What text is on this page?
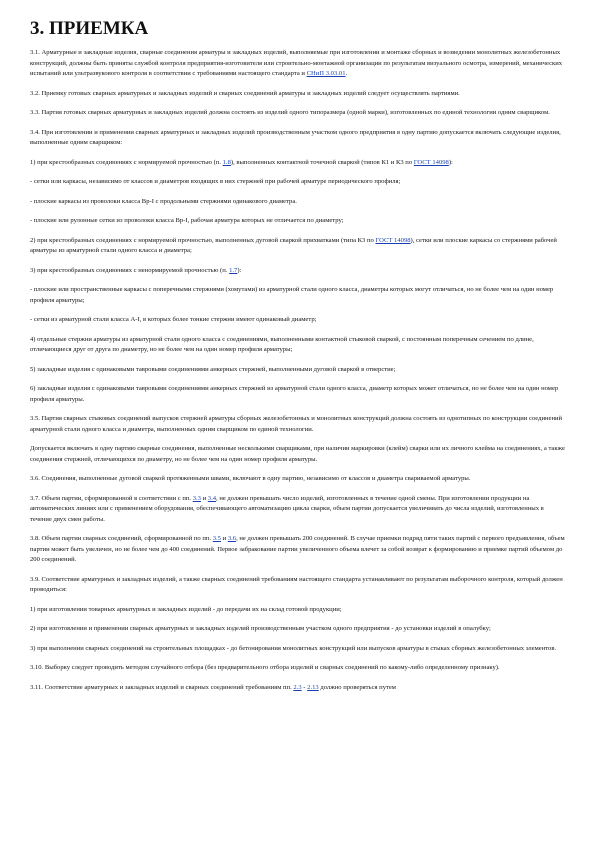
3. ПРИЕМКА

3.1. Арматурные и закладные изделия, сварные соединения арматуры и закладных изделий, выполняемые при изготовлении и монтаже сборных и возведении монолитных железобетонных конструкций, должны быть приняты службой контроля предприятия-изготовителя или строительно-монтажной организации по результатам визуального осмотра, измерений, механических испытаний или ультразвукового контроля в соответствии с требованиями настоящего стандарта и СНиП 3.03.01.

3.2. Приемку готовых сварных арматурных и закладных изделий и сварных соединений арматуры и закладных изделий следует осуществлять партиями.

3.3. Партия готовых сварных арматурных и закладных изделий должна состоять из изделий одного типоразмера (одной марки), изготовленных по единой технологии одним сварщиком.

3.4. При изготовлении и применении сварных арматурных и закладных изделий производственным участком одного предприятия в одну партию допускается включать следующие изделия, выполненные одним сварщиком:

1) при крестообразных соединениях с нормируемой прочностью (п. 1.8), выполненных контактной точечной сваркой (типов К1 и К3 по ГОСТ 14098):

- сетки или каркасы, независимо от классов и диаметров входящих в них стержней при рабочей арматуре периодического профиля;

- плоские каркасы из проволоки класса Вр-I с продольными стержнями одинакового диаметра.

- плоские или рулонные сетки из проволоки класса Вр-I, рабочая арматура которых не отличается по диаметру;

2) при крестообразных соединениях с нормируемой прочностью, выполненных дуговой сваркой прихватками (типа К3 по ГОСТ 14098), сетки или плоские каркасы со стержнями рабочей арматуры из арматурной стали одного класса и диаметра;

3) при крестообразных соединениях с ненормируемой прочностью (п. 1.7):

- плоские или пространственные каркасы с поперечными стержнями (хомутами) из арматурной стали одного класса, диаметры которых могут отличаться, но не более чем на один номер профиля арматуры;

- сетки из арматурной стали класса A-I, в которых более тонкие стержни имеют одинаковый диаметр;

4) отдельные стержни арматуры из арматурной стали одного класса с соединениями, выполненными контактной стыковой сваркой, с постоянным поперечным сечением по длине, отличающиеся друг от друга по диаметру, но не более чем на один номер профиля арматуры;

5) закладные изделия с одинаковыми тавровыми соединениями анкерных стержней, выполненными дуговой сваркой в отверстие;

6) закладные изделия с одинаковыми тавровыми соединениями анкерных стержней из арматурной стали одного класса, диаметр которых может отличаться, но не более чем на один номер профиля арматуры.

3.5. Партия сварных стыковых соединений выпусков стержней арматуры сборных железобетонных и монолитных конструкций должна состоять из однотипных по конструкции соединений арматурной стали одного класса и диаметра, выполненных одним сварщиком по единой технологии.

Допускается включать в одну партию сварные соединения, выполненные несколькими сварщиками, при наличии маркировки (клейм) сварки или их личного клейма на соединениях, а также соединения стержней, отличающихся по диаметру, но не более чем на один номер профиля арматуры.

3.6. Соединения, выполненные дуговой сваркой протяженными швами, включают в одну партию, независимо от классов и диаметра свариваемой арматуры.

3.7. Объем партии, сформированной в соответствии с пп. 3.3 и 3.4, не должен превышать число изделий, изготовленных в течение одной смены. При изготовлении продукции на автоматических линиях или с применением оборудования, обеспечивающего автоматизацию цикла сварки, объем партии допускается увеличивать до числа изделий, изготовленных в течение двух смен работы.

3.8. Объем партии сварных соединений, сформированной по пп. 3.5 и 3.6, не должен превышать 200 соединений. В случае приемки подряд пяти таких партий с первого предъявления, объем партии может быть увеличен, но не более чем до 400 соединений. Первое забракование партии увеличенного объема влечет за собой возврат к формированию и приемке партий объемом до 200 соединений.

3.9. Соответствие арматурных и закладных изделий, а также сварных соединений требованиям настоящего стандарта устанавливают по результатам выборочного контроля, который должен проводиться:

1) при изготовлении товарных арматурных и закладных изделий - до передачи их на склад готовой продукции;

2) при изготовлении и применении сварных арматурных и закладных изделий производственным участком одного предприятия - до установки изделий в опалубку;

3) при выполнении сварных соединений на строительных площадках - до бетонирования монолитных конструкций или выпусков арматуры в стыках сборных железобетонных элементов.

3.10. Выборку следует проводить методом случайного отбора (без предварительного отбора изделий и сварных соединений по какому-либо определенному признаку).

3.11. Соответствие арматурных и закладных изделий и сварных соединений требованиям пп. 2.3 - 2.13 должно проверяться путем
